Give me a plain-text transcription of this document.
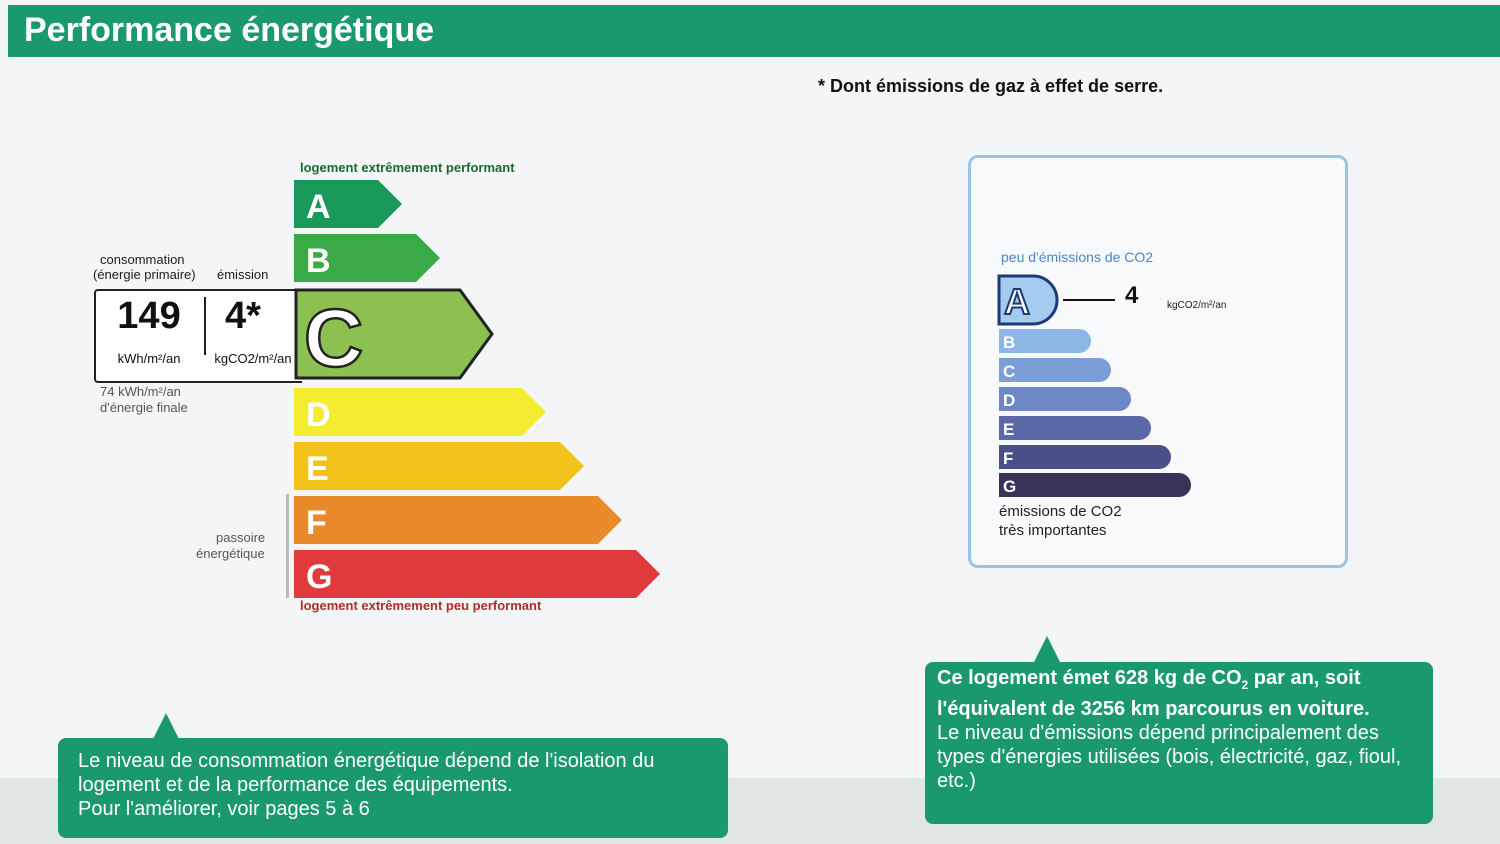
Performance énergétique
* Dont émissions de gaz à effet de serre.
logement extrêmement performant
logement extrêmement peu performant
consommation
(énergie primaire) émission
149
kWh/m²/an
4*
kgCO2/m²/an
74 kWh/m²/an
d'énergie finale
passoire
énergétique
A
B
C
D
E
F
G
peu d'émissions de CO2
A
B
C
D
E
F
G
4	kgCO2/m²/an
émissions de CO2
très importantes
Le niveau de consommation énergétique dépend de l'isolation du
logement et de la performance des équipements.
Pour l'améliorer, voir pages 5 à 6
Ce logement émet 628 kg de $CO_2$ par an, soit
l'équivalent de 3256 km parcourus en voiture.
Le niveau d'émissions dépend principalement des types d'énergies utilisées (bois, électricité, gaz, fioul, etc.)
